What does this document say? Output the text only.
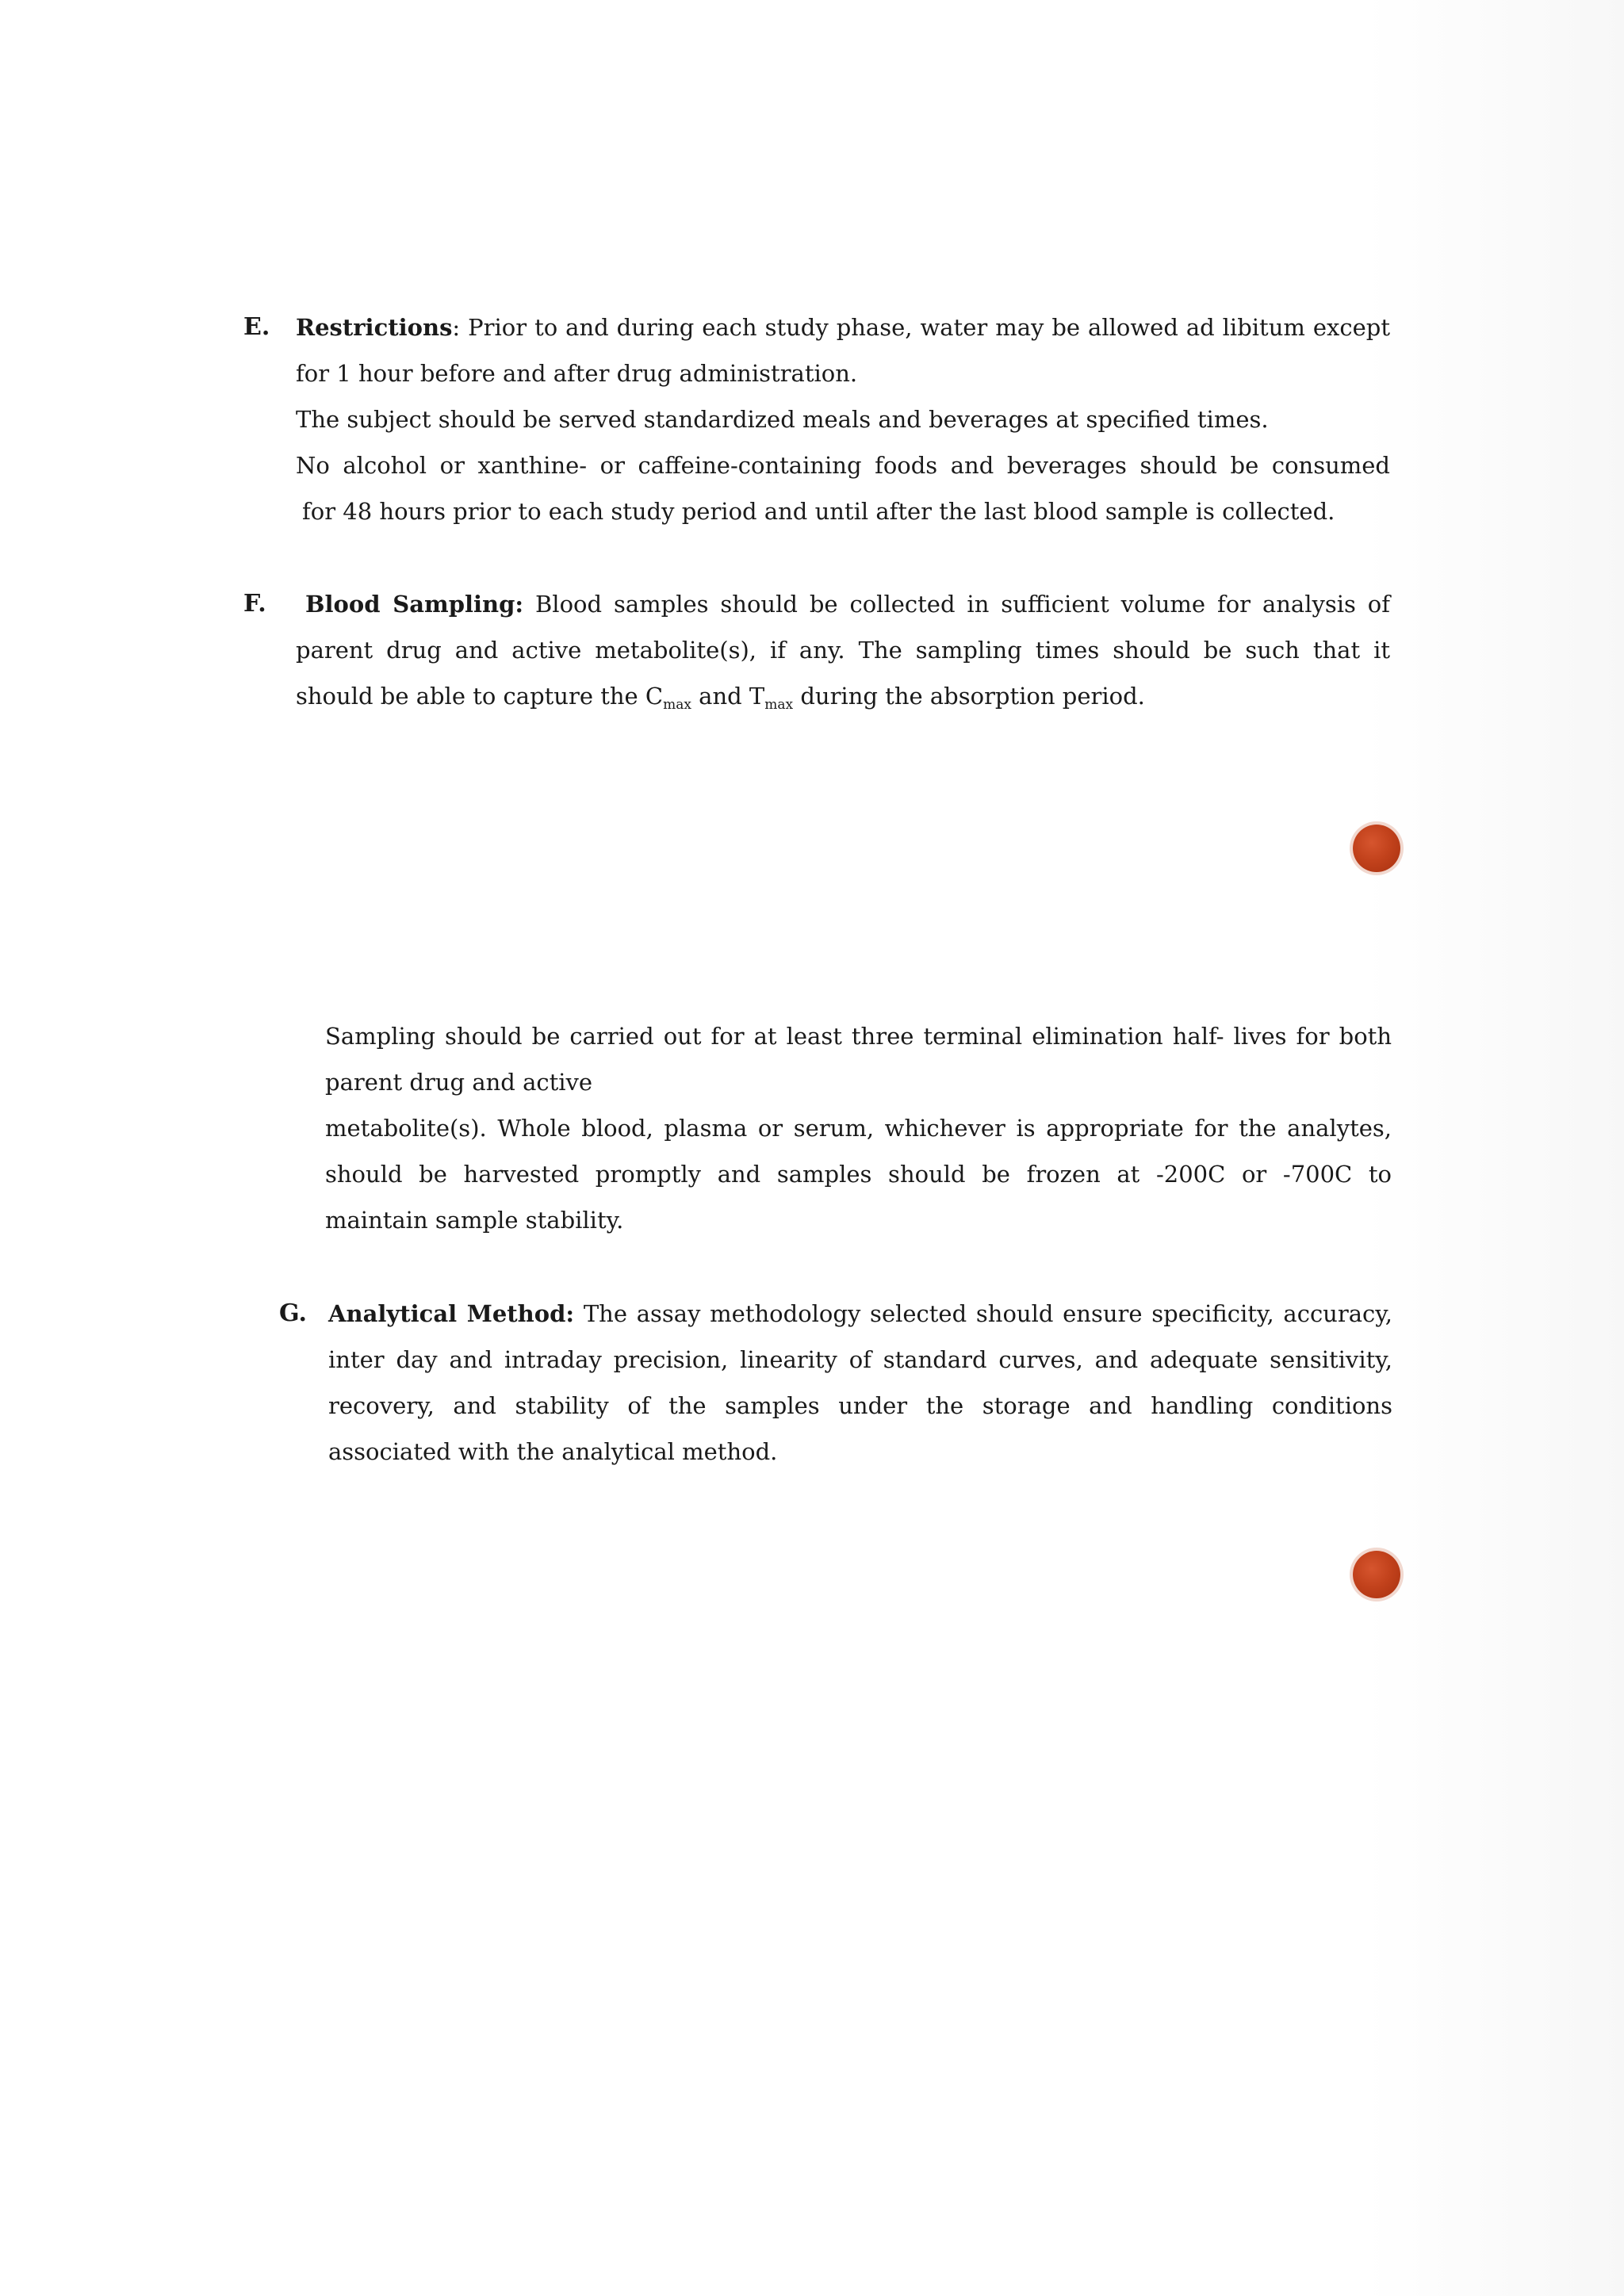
E. Restrictions: Prior to and during each study phase, water may be allowed ad libitum except
for 1 hour before and after drug administration.
The subject should be served standardized meals and beverages at specified times.
No alcohol or xanthine- or caffeine-containing foods and beverages should be consumed
for 48 hours prior to each study period and until after the last blood sample is collected.
F.	Blood Sampling: Blood samples should be collected in sufficient volume for analysis of
parent drug and active metabolite(s), if any. The sampling times should be such that it
should be able to capture the $C_{max}$ and $T_{max}$ during the absorption period.
Sampling should be carried out for at least three terminal elimination half- lives for both
parent drug and active
metabolite(s). Whole blood, plasma or serum, whichever is appropriate for the analytes,
should be harvested promptly and samples should be frozen at -200C or -700C to
maintain sample stability.
G. Analytical Method: The assay methodology selected should ensure specificity, accuracy,
inter day and intraday precision, linearity of standard curves, and adequate sensitivity,
recovery, and stability of the samples under the storage and handling conditions
associated with the analytical method.
